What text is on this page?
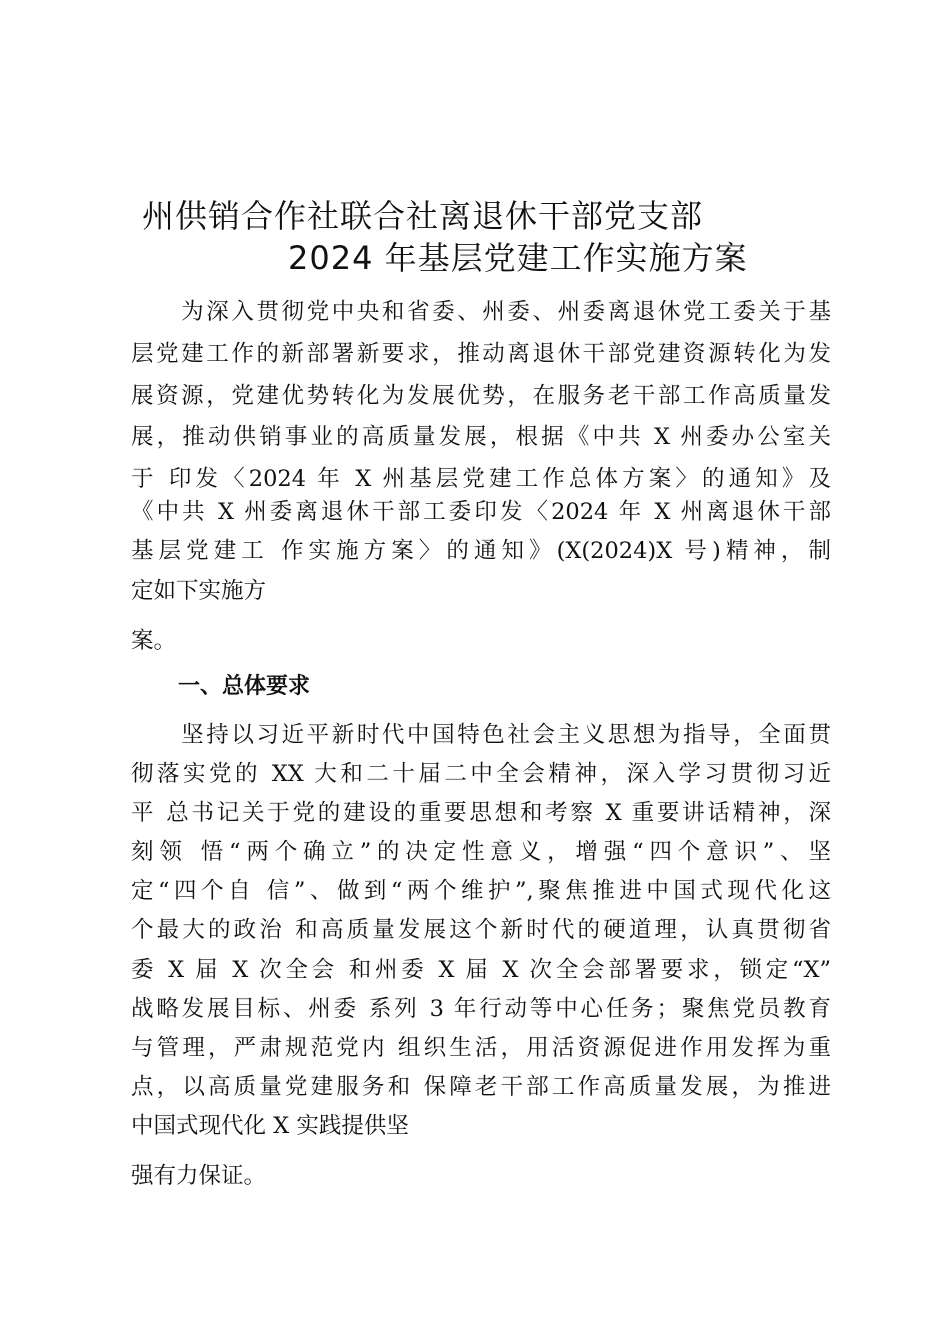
州供销合作社联合社离退休干部党支部
2024 年基层党建工作实施方案
　　为深入贯彻党中央和省委、州委、州委离退休党工委关于基
层党建工作的新部署新要求，推动离退休干部党建资源转化为发
展资源，党建优势转化为发展优势，在服务老干部工作高质量发
展，推动供销事业的高质量发展，根据《中共 X 州委办公室关
于 印发〈2024 年 X 州基层党建工作总体方案〉的通知》及
《中共 X 州委离退休干部工委印发〈2024 年 X 州离退休干部
基层党建工 作实施方案〉的通知》(X(2024)X 号)精神，制
定如下实施方
案。
一、总体要求
　　坚持以习近平新时代中国特色社会主义思想为指导，全面贯
彻落实党的 XX 大和二十届二中全会精神，深入学习贯彻习近
平 总书记关于党的建设的重要思想和考察 X 重要讲话精神，深
刻领 悟“两个确立”的决定性意义，增强“四个意识”、坚
定“四个自 信”、做到“两个维护”,聚焦推进中国式现代化这
个最大的政治 和高质量发展这个新时代的硬道理，认真贯彻省
委 X 届 X 次全会 和州委 X 届 X 次全会部署要求，锁定“X”
战略发展目标、州委 系列 3 年行动等中心任务；聚焦党员教育
与管理，严肃规范党内 组织生活，用活资源促进作用发挥为重
点，以高质量党建服务和 保障老干部工作高质量发展，为推进
中国式现代化 X 实践提供坚
强有力保证。
